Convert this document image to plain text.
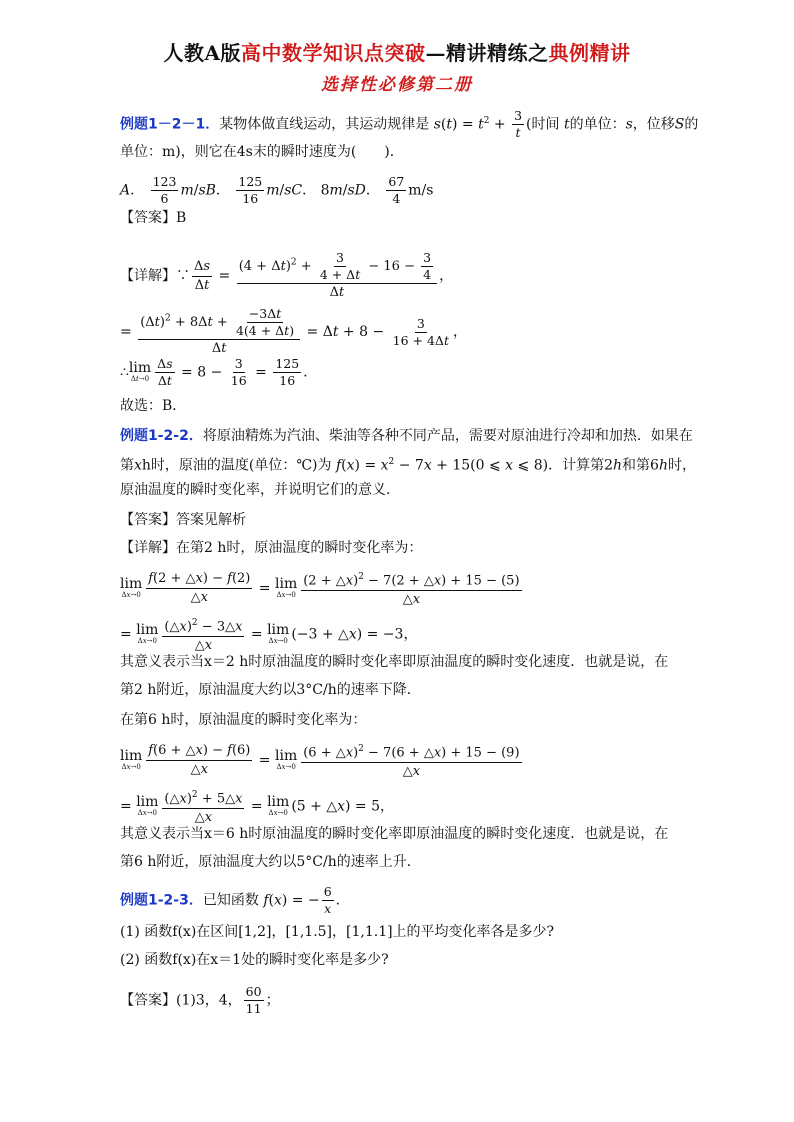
人教A版高中数学知识点突破—精讲精练之典例精讲
选择性必修第二册
例题1－2－1．某物体做直线运动，其运动规律是 $s(t) = t^2 + \frac{3}{t}$ (时间 t的单位：s，位移S的
单位：m)，则它在4s末的瞬时速度为(　　)．
A． $\frac{123}{6} m/sB$． $\frac{125}{16} m/sC$． 8m/sD． $\frac{67}{4} m/s$
【答案】B
【详解】∵ $\frac{\Delta s}{\Delta t} = \frac{(4 + \Delta t)^2 + \frac{3}{4 + \Delta t} - 16 - \frac{3}{4}}{\Delta t}$ ，
= $\frac{(\Delta t)^2 + 8\Delta t + \frac{-3\Delta t}{4(4 + \Delta t)}}{\Delta t} = \Delta t + 8 - \frac{3}{16 + 4\Delta t}$ ，
∴ lim
$\Delta t\to 0 \frac{\Delta s}{\Delta t} = 8 - \frac{3}{16} = \frac{125}{16}$ ．
故选：B．
例题1-2-2．将原油精炼为汽油、柴油等各种不同产品，需要对原油进行冷却和加热．如果在
第xh时，原油的温度(单位：℃)为 $f(x) = x^2 - 7x + 15(0$ ⩽ x ⩽ 8)．计算第2h和第6h时，
原油温度的瞬时变化率，并说明它们的意义．
【答案】答案见解析
【详解】在第2 h时，原油温度的瞬时变化率为：
lim
$\Delta x\to 0 \frac{f(2 + \triangle x) - f(2)}{\triangle x} = \lim$
$\Delta x\to 0 \frac{(2 + \triangle x)^2 - 7(2 + \triangle x) + 15 - (5)}{\triangle x}$
= lim
$\Delta x\to 0 \frac{(\triangle x)^2 - 3\triangle x}{\triangle x} = \lim$
Δx→0 (−3 + △x) = −3，
其意义表示当x＝2 h时原油温度的瞬时变化率即原油温度的瞬时变化速度．也就是说，在
第2 h附近，原油温度大约以3°C/h的速率下降．
在第6 h时，原油温度的瞬时变化率为：
lim
$\Delta x\to 0 \frac{f(6 + \triangle x) - f(6)}{\triangle x} = \lim$
$\Delta x\to 0 \frac{(6 + \triangle x)^2 - 7(6 + \triangle x) + 15 - (9)}{\triangle x}$
= lim
$\Delta x\to 0 \frac{(\triangle x)^2 + 5\triangle x}{\triangle x} = \lim$
Δx→0 (5 + △x) = 5，
其意义表示当x＝6 h时原油温度的瞬时变化率即原油温度的瞬时变化速度．也就是说，在
第6 h附近，原油温度大约以5°C/h的速率上升．
例题1-2-3．已知函数 f(x) = − $\frac{6}{x}$ ．
(1) 函数f(x)在区间[1,2]，[1,1.5]，[1,1.1]上的平均变化率各是多少?
(2) 函数f(x)在x＝1处的瞬时变化率是多少?
【答案】(1)3，4， $\frac{60}{11}$ ；
